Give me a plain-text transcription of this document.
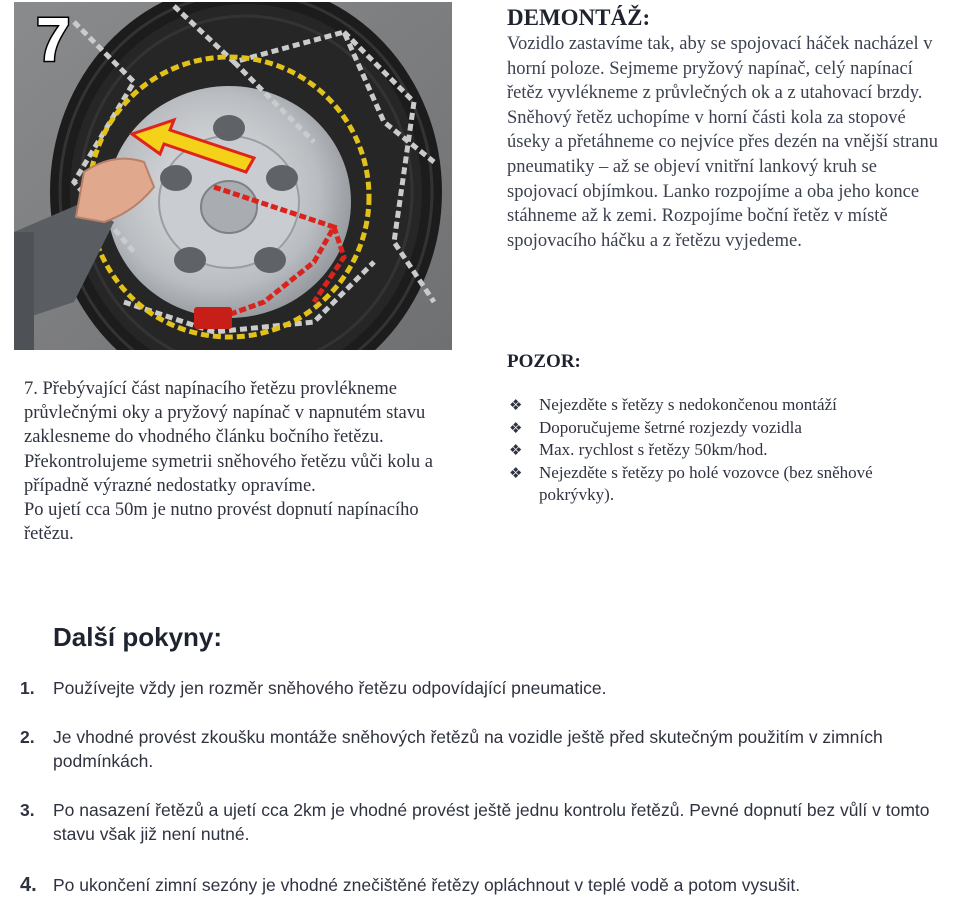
7	DEMONTÁŽ:

Vozidlo zastavíme tak, aby se spojovací háček nacházel v horní poloze. Sejmeme pryžový napínač, celý napínací řetěz vyvlékneme z průvlečných ok a z utahovací brzdy. Sněhový řetěz uchopíme v horní části kola za stopové úseky a přetáhneme co nejvíce přes dezén na vnější stranu pneumatiky – až se objeví vnitřní lankový kruh se spojovací objímkou. Lanko rozpojíme a oba jeho konce stáhneme až k zemi. Rozpojíme boční řetěz v místě spojovacího háčku a z řetězu vyjedeme.

7. Přebývající část napínacího řetězu provlékneme průvlečnými oky a pryžový napínač v napnutém stavu zaklesneme do vhodného článku bočního řetězu.

Překontrolujeme symetrii sněhového řetězu vůči kolu a případně výrazné nedostatky opravíme.

Po ujetí cca 50m je nutno provést dopnutí napínacího řetězu.

POZOR:
❖ Nejezděte s řetězy s nedokončenou montáží
❖ Doporučujeme šetrné rozjezdy vozidla
❖ Max. rychlost s řetězy 50km/hod.
❖ Nejezděte s řetězy po holé vozovce (bez sněhové pokrývky).
Další pokyny:
1. Používejte vždy jen rozměr sněhového řetězu odpovídající pneumatice.
2. Je vhodné provést zkoušku montáže sněhových řetězů na vozidle ještě před skutečným použitím v zimních podmínkách.
3. Po nasazení řetězů a ujetí cca 2km je vhodné provést ještě jednu kontrolu řetězů. Pevné dopnutí bez vůlí v tomto stavu však již není nutné.
4. Po ukončení zimní sezóny je vhodné znečištěné řetězy opláchnout v teplé vodě a potom vysušit.
